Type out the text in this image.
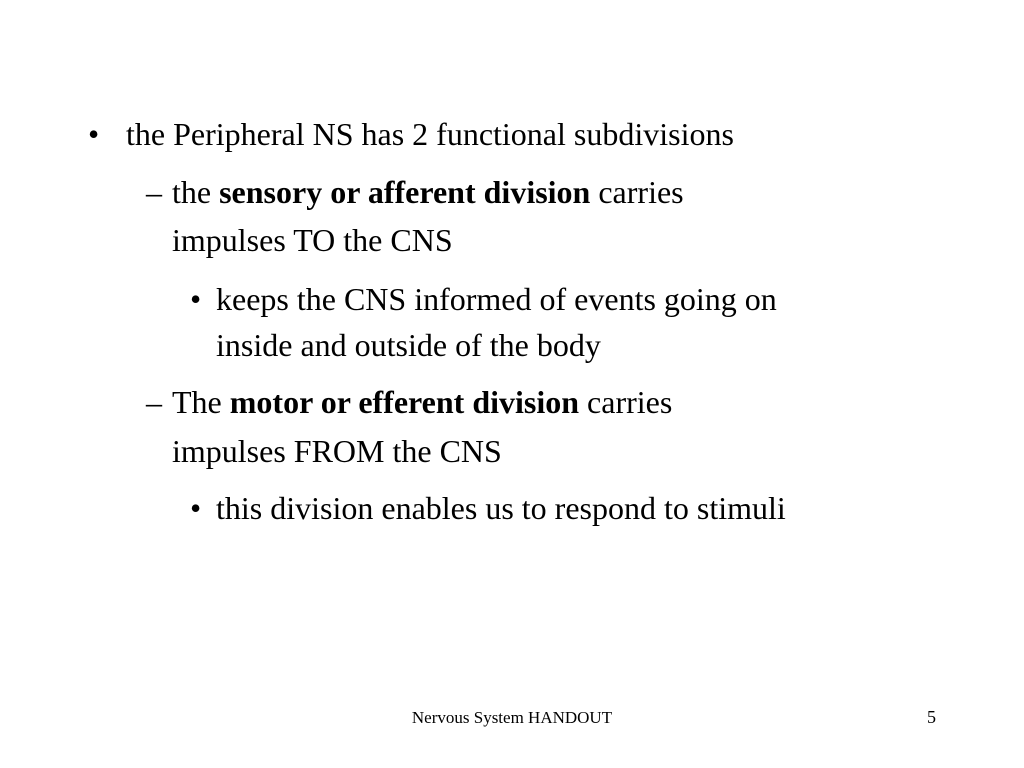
• the Peripheral NS has 2 functional subdivisions
– the sensory or afferent division carries
impulses TO the CNS
• keeps the CNS informed of events going on
inside and outside of the body
– The motor or efferent division carries
impulses FROM the CNS
• this division enables us to respond to stimuli
Nervous System HANDOUT	5
